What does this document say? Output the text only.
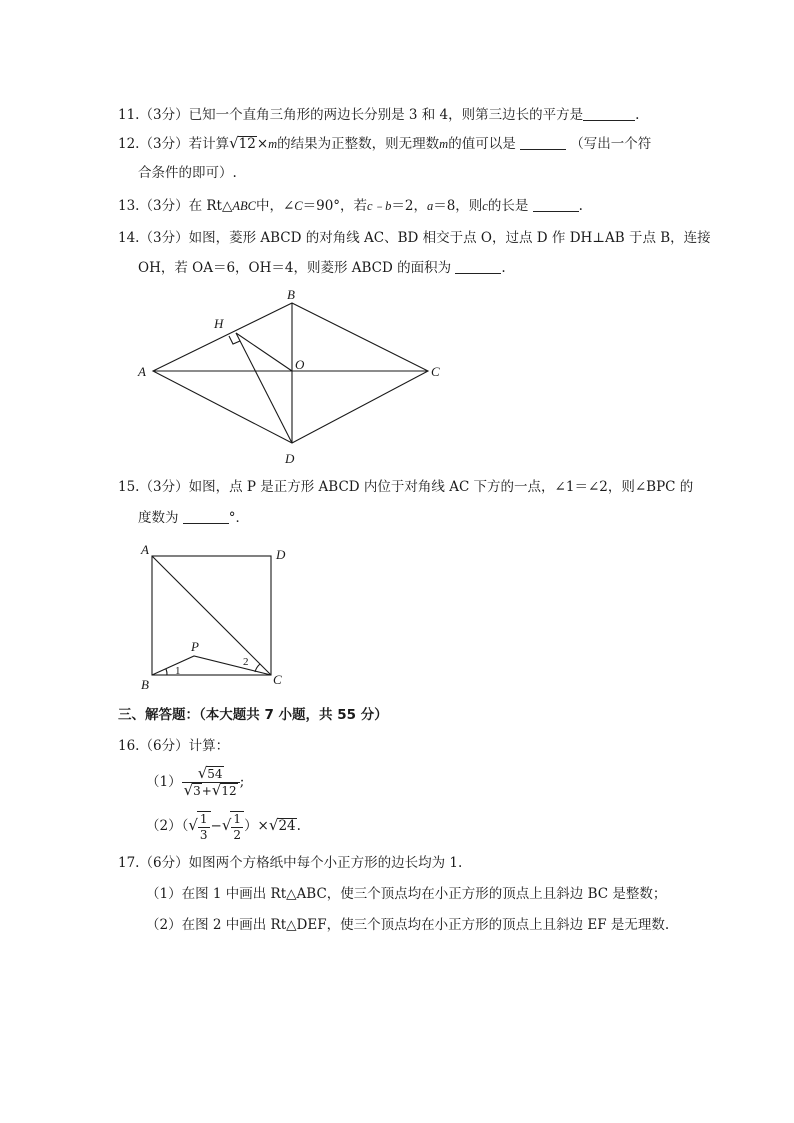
11.（3分）已知一个直角三角形的两边长分别是 3 和 4，则第三边长的平方是	.
12.（3分）若计算√12×m的结果为正整数，则无理数m的值可以是	（写出一个符
合条件的即可）.
13.（3分）在 Rt△ABC中，∠C＝90°，若c﹣b＝2，a＝8，则c的长是	.
14.（3分）如图，菱形 ABCD 的对角线 AC、BD 相交于点 O，过点 D 作 DH⊥AB 于点 B，连接
OH，若 OA＝6，OH＝4，则菱形 ABCD 的面积为	.
B
H
O
A	C
D
15.（3分）如图，点 P 是正方形 ABCD 内位于对角线 AC 下方的一点，∠1＝∠2，则∠BPC 的
度数为	°．
A	D
B	C
P
1
2
三、解答题：（本大题共 7 小题，共 55 分）
16.（6分）计算：
$(1) \frac{√54}{√3+√12}$ ;
$(2)(√ \frac{1}{3}$ −√ $\frac{1}{2} )\times√24$.
17.（6分）如图两个方格纸中每个小正方形的边长均为 1.
（1）在图 1 中画出 Rt△ABC，使三个顶点均在小正方形的顶点上且斜边 BC 是整数；
（2）在图 2 中画出 Rt△DEF，使三个顶点均在小正方形的顶点上且斜边 EF 是无理数.
